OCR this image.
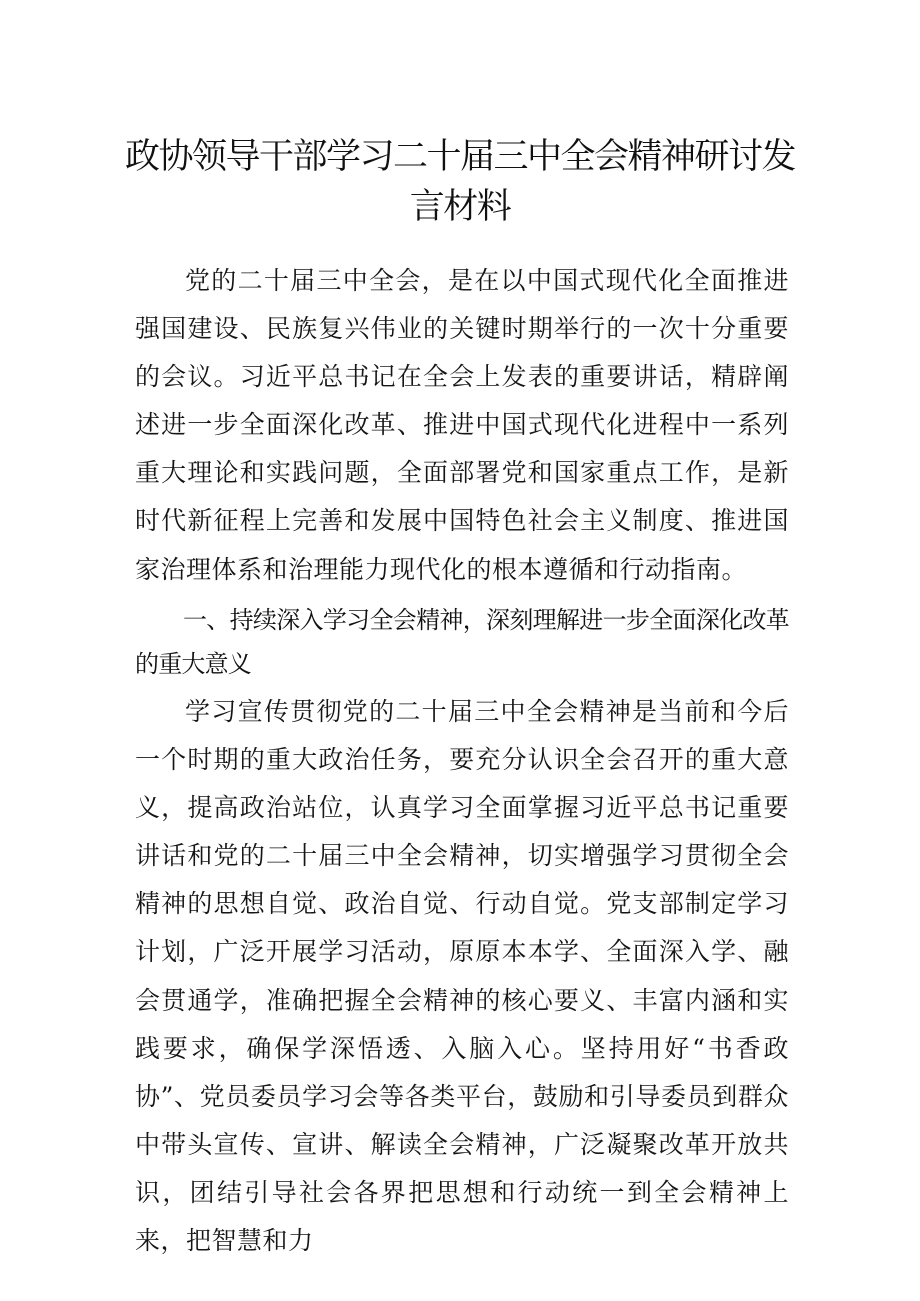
政协领导干部学习二十届三中全会精神研讨发言材料

党的二十届三中全会，是在以中国式现代化全面推进强国建设、民族复兴伟业的关键时期举行的一次十分重要的会议。习近平总书记在全会上发表的重要讲话，精辟阐述进一步全面深化改革、推进中国式现代化进程中一系列重大理论和实践问题，全面部署党和国家重点工作，是新时代新征程上完善和发展中国特色社会主义制度、推进国家治理体系和治理能力现代化的根本遵循和行动指南。

一、持续深入学习全会精神，深刻理解进一步全面深化改革的重大意义

学习宣传贯彻党的二十届三中全会精神是当前和今后一个时期的重大政治任务，要充分认识全会召开的重大意义，提高政治站位，认真学习全面掌握习近平总书记重要讲话和党的二十届三中全会精神，切实增强学习贯彻全会精神的思想自觉、政治自觉、行动自觉。党支部制定学习计划，广泛开展学习活动，原原本本学、全面深入学、融会贯通学，准确把握全会精神的核心要义、丰富内涵和实践要求，确保学深悟透、入脑入心。坚持用好“书香政协”、党员委员学习会等各类平台，鼓励和引导委员到群众中带头宣传、宣讲、解读全会精神，广泛凝聚改革开放共识，团结引导社会各界把思想和行动统一到全会精神上来，把智慧和力
